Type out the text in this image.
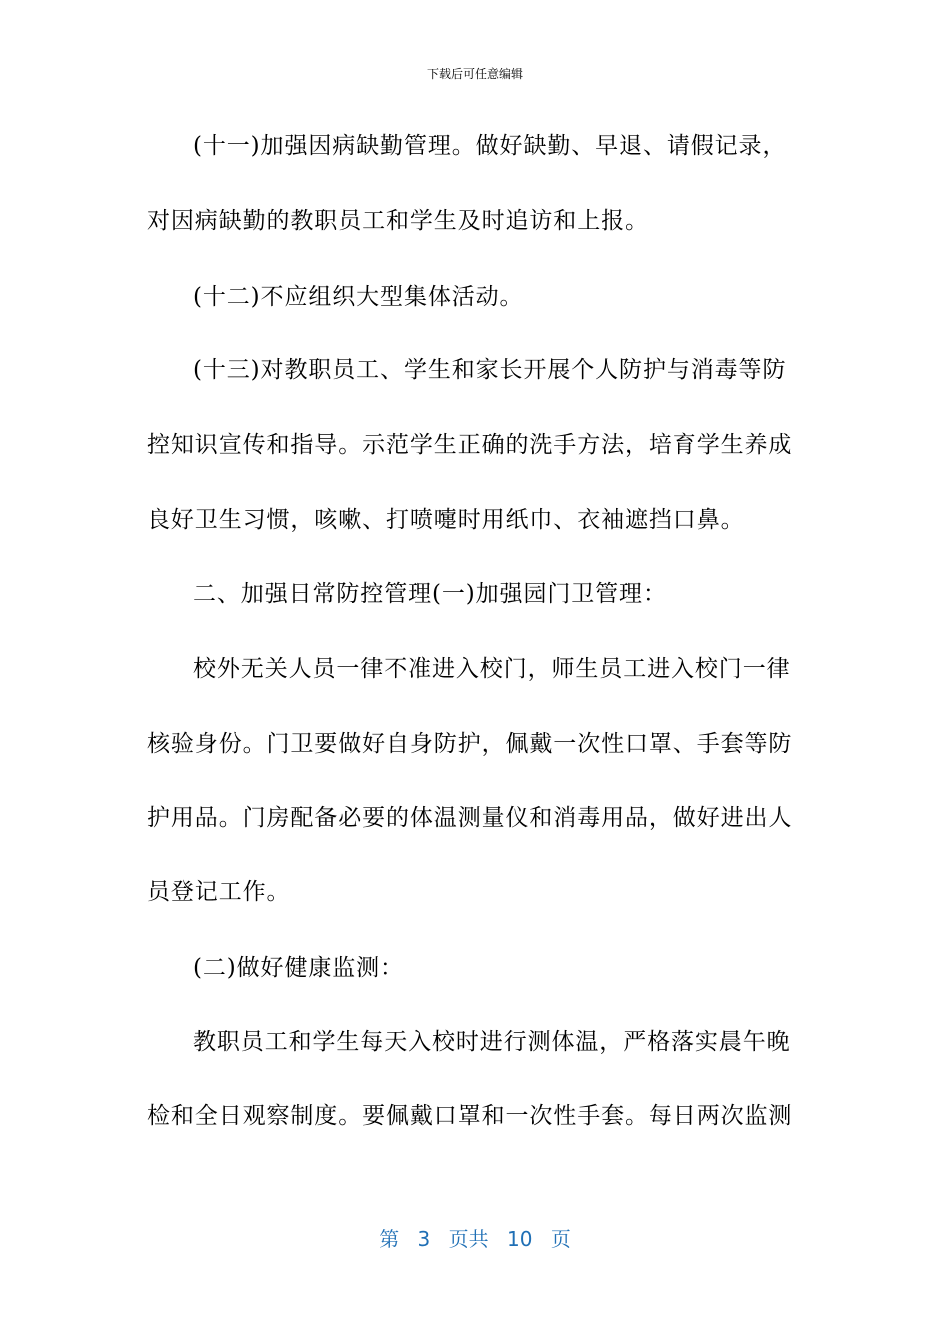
下载后可任意编辑
(十一)加强因病缺勤管理。做好缺勤、早退、请假记录，
对因病缺勤的教职员工和学生及时追访和上报。
(十二)不应组织大型集体活动。
(十三)对教职员工、学生和家长开展个人防护与消毒等防
控知识宣传和指导。示范学生正确的洗手方法，培育学生养成
良好卫生习惯，咳嗽、打喷嚏时用纸巾、衣袖遮挡口鼻。
二、加强日常防控管理(一)加强园门卫管理：
校外无关人员一律不准进入校门，师生员工进入校门一律
核验身份。门卫要做好自身防护，佩戴一次性口罩、手套等防
护用品。门房配备必要的体温测量仪和消毒用品，做好进出人
员登记工作。
(二)做好健康监测：
教职员工和学生每天入校时进行测体温，严格落实晨午晚
检和全日观察制度。要佩戴口罩和一次性手套。每日两次监测
第 3 页共 10 页
